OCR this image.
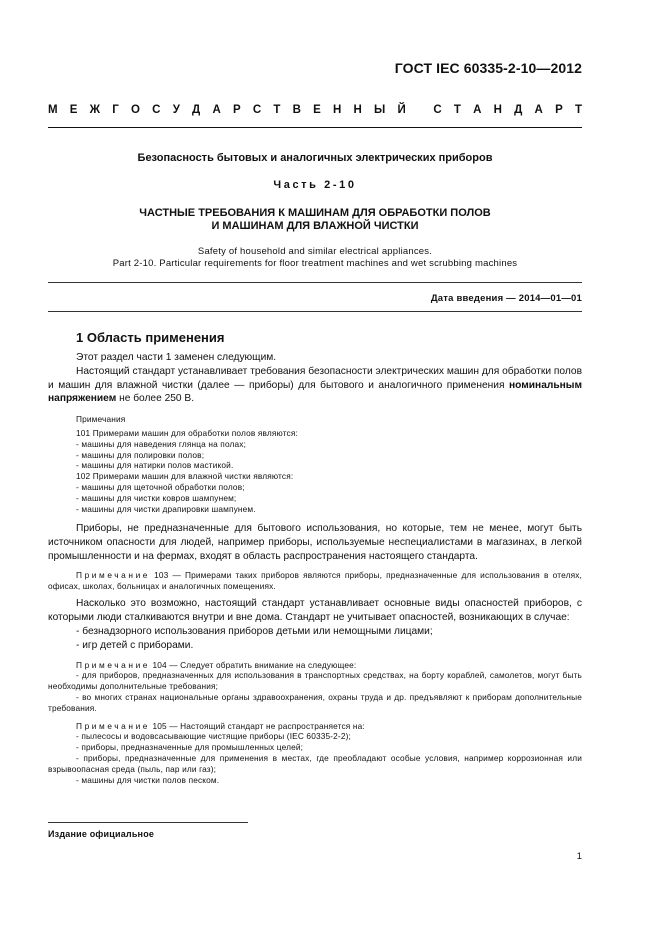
ГОСТ IEC 60335-2-10—2012
М Е Ж Г О С У Д А Р С Т В Е Н Н Ы Й
С Т А Н Д А Р Т
Безопасность бытовых и аналогичных электрических приборов
Часть 2-10
ЧАСТНЫЕ ТРЕБОВАНИЯ К МАШИНАМ ДЛЯ ОБРАБОТКИ ПОЛОВ
И МАШИНАМ ДЛЯ ВЛАЖНОЙ ЧИСТКИ
Safety of household and similar electrical appliances.
Part 2-10. Particular requirements for floor treatment machines and wet scrubbing machines
Дата введения — 2014—01—01
1 Область применения

Этот раздел части 1 заменен следующим.

Настоящий стандарт устанавливает требования безопасности электрических машин для обработки полов и машин для влажной чистки (далее — приборы) для бытового и аналогичного применения номинальным напряжением не более 250 В.

Примечания
101 Примерами машин для обработки полов являются:
- машины для наведения глянца на полах;
- машины для полировки полов;
- машины для натирки полов мастикой.
102 Примерами машин для влажной чистки являются:
- машины для щеточной обработки полов;
- машины для чистки ковров шампунем;
- машины для чистки драпировки шампунем.

Приборы, не предназначенные для бытового использования, но которые, тем не менее, могут быть источником опасности для людей, например приборы, используемые неспециалистами в магазинах, в легкой промышленности и на фермах, входят в область распространения настоящего стандарта.

Примечание 103 — Примерами таких приборов являются приборы, предназначенные для использования в отелях, офисах, школах, больницах и аналогичных помещениях.

Насколько это возможно, настоящий стандарт устанавливает основные виды опасностей приборов, с которыми люди сталкиваются внутри и вне дома. Стандарт не учитывает опасностей, возникающих в случае:

- безнадзорного использования приборов детьми или немощными лицами;
- игр детей с приборами.

Примечание 104 — Следует обратить внимание на следующее:

- для приборов, предназначенных для использования в транспортных средствах, на борту кораблей, самолетов, могут быть необходимы дополнительные требования;

- во многих странах национальные органы здравоохранения, охраны труда и др. предъявляют к приборам дополнительные требования.

Примечание 105 — Настоящий стандарт не распространяется на:

- пылесосы и водовсасывающие чистящие приборы (IEC 60335-2-2);

- приборы, предназначенные для промышленных целей;

- приборы, предназначенные для применения в местах, где преобладают особые условия, например коррозионная или взрывоопасная среда (пыль, пар или газ);

- машины для чистки полов песком.

Издание официальное
1
